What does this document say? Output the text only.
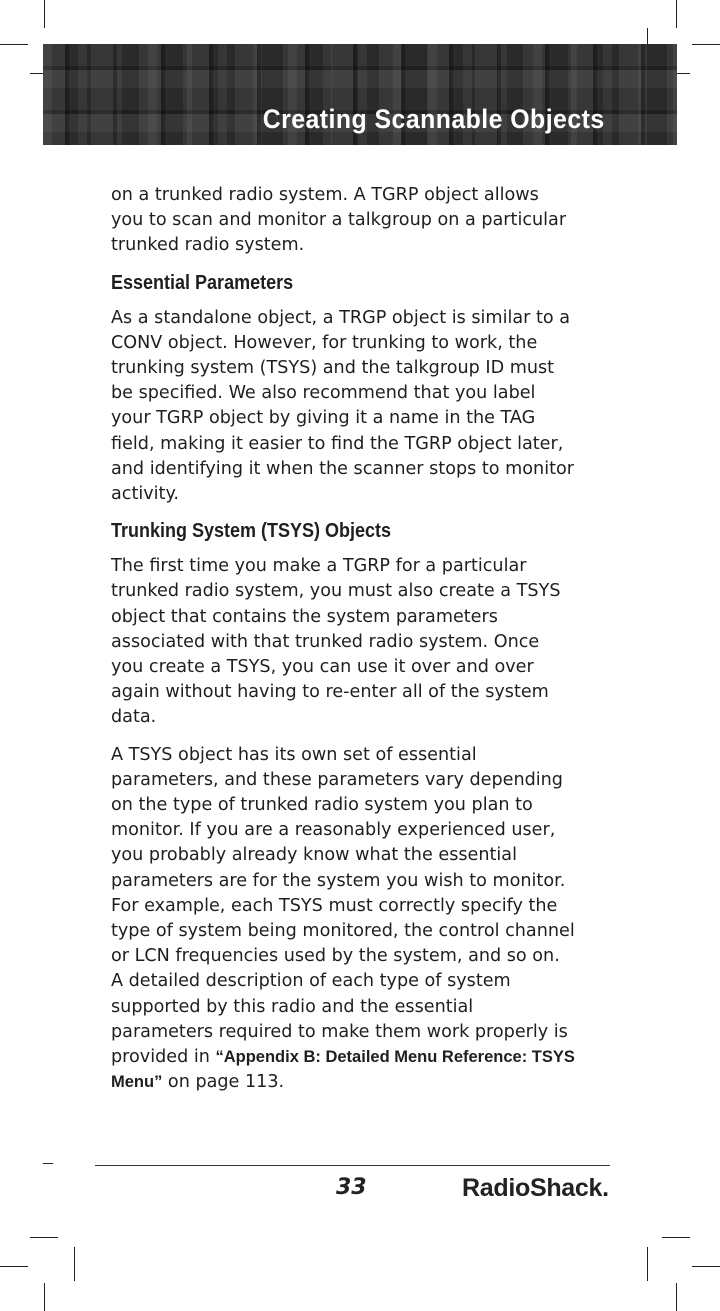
Creating Scannable Objects

on a trunked radio system. A TGRP object allows you to scan and monitor a talkgroup on a particular trunked radio system.

Essential Parameters

As a standalone object, a TRGP object is similar to a CONV object. However, for trunking to work, the trunking system (TSYS) and the talkgroup ID must be specified. We also recommend that you label your TGRP object by giving it a name in the TAG field, making it easier to find the TGRP object later, and identifying it when the scanner stops to monitor activity.

Trunking System (TSYS) Objects

The first time you make a TGRP for a particular trunked radio system, you must also create a TSYS object that contains the system parameters associated with that trunked radio system. Once you create a TSYS, you can use it over and over again without having to re-enter all of the system data.

A TSYS object has its own set of essential parameters, and these parameters vary depending on the type of trunked radio system you plan to monitor. If you are a reasonably experienced user, you probably already know what the essential parameters are for the system you wish to monitor. For example, each TSYS must correctly specify the type of system being monitored, the control channel or LCN frequencies used by the system, and so on. A detailed description of each type of system supported by this radio and the essential parameters required to make them work properly is provided in “Appendix B: Detailed Menu Reference: TSYS Menu” on page 113.

33	RadioShack.
